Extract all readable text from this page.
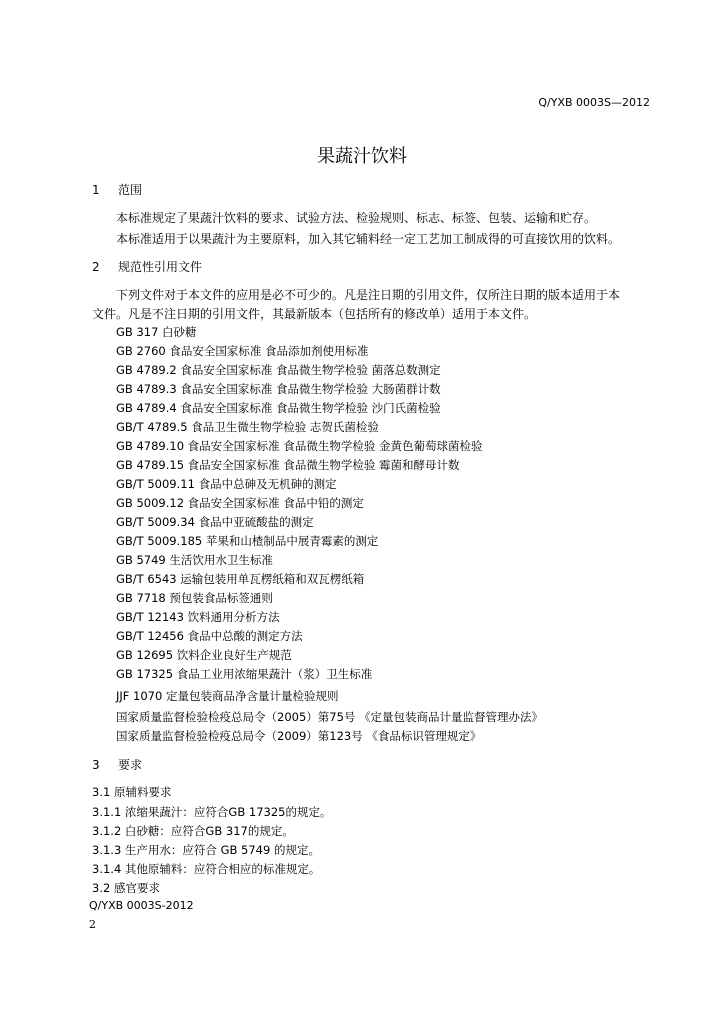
Q/YXB 0003S—2012
果蔬汁饮料
1 范围
本标准规定了果蔬汁饮料的要求、试验方法、检验规则、标志、标签、包装、运输和贮存。
本标准适用于以果蔬汁为主要原料，加入其它辅料经一定工艺加工制成得的可直接饮用的饮料。
2 规范性引用文件
下列文件对于本文件的应用是必不可少的。凡是注日期的引用文件，仅所注日期的版本适用于本
文件。凡是不注日期的引用文件，其最新版本（包括所有的修改单）适用于本文件。
GB 317 白砂糖
GB 2760 食品安全国家标准 食品添加剂使用标准
GB 4789.2 食品安全国家标准 食品微生物学检验 菌落总数测定
GB 4789.3 食品安全国家标准 食品微生物学检验 大肠菌群计数
GB 4789.4 食品安全国家标准 食品微生物学检验 沙门氏菌检验
GB/T 4789.5 食品卫生微生物学检验 志贺氏菌检验
GB 4789.10 食品安全国家标准 食品微生物学检验 金黄色葡萄球菌检验
GB 4789.15 食品安全国家标准 食品微生物学检验 霉菌和酵母计数
GB/T 5009.11 食品中总砷及无机砷的测定
GB 5009.12 食品安全国家标准 食品中铅的测定
GB/T 5009.34 食品中亚硫酸盐的测定
GB/T 5009.185 苹果和山楂制品中展青霉素的测定
GB 5749 生活饮用水卫生标准
GB/T 6543 运输包装用单瓦楞纸箱和双瓦楞纸箱
GB 7718 预包装食品标签通则
GB/T 12143 饮料通用分析方法
GB/T 12456 食品中总酸的测定方法
GB 12695 饮料企业良好生产规范
GB 17325 食品工业用浓缩果蔬汁（浆）卫生标准
JJF 1070 定量包装商品净含量计量检验规则
国家质量监督检验检疫总局令（2005）第75号 《定量包装商品计量监督管理办法》
国家质量监督检验检疫总局令（2009）第123号 《食品标识管理规定》
3 要求
3.1 原辅料要求
3.1.1 浓缩果蔬汁：应符合GB 17325的规定。
3.1.2 白砂糖：应符合GB 317的规定。
3.1.3 生产用水：应符合 GB 5749 的规定。
3.1.4 其他原辅料：应符合相应的标准规定。
3.2 感官要求
Q/YXB 0003S-2012
2
